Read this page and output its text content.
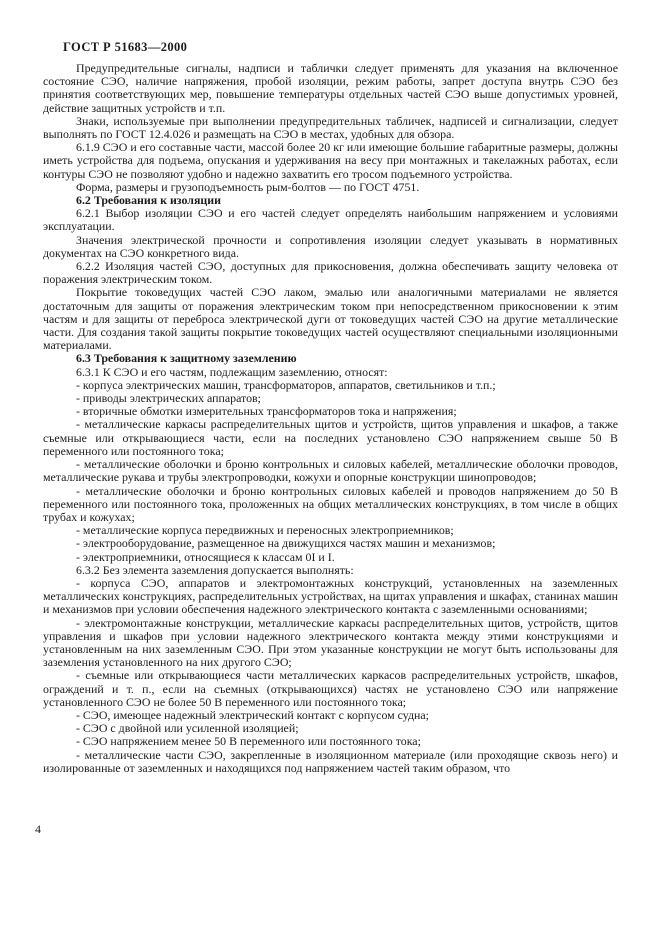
ГОСТ Р 51683—2000

Предупредительные сигналы, надписи и таблички следует применять для указания на включенное состояние СЭО, наличие напряжения, пробой изоляции, режим работы, запрет доступа внутрь СЭО без принятия соответствующих мер, повышение температуры отдельных частей СЭО выше допустимых уровней, действие защитных устройств и т.п.

Знаки, используемые при выполнении предупредительных табличек, надписей и сигнализации, следует выполнять по ГОСТ 12.4.026 и размещать на СЭО в местах, удобных для обзора.

6.1.9 СЭО и его составные части, массой более 20 кг или имеющие большие габаритные размеры, должны иметь устройства для подъема, опускания и удерживания на весу при монтажных и такелажных работах, если контуры СЭО не позволяют удобно и надежно захватить его тросом подъемного устройства.

Форма, размеры и грузоподъемность рым-болтов — по ГОСТ 4751.

6.2 Требования к изоляции

6.2.1 Выбор изоляции СЭО и его частей следует определять наибольшим напряжением и условиями эксплуатации.

Значения электрической прочности и сопротивления изоляции следует указывать в нормативных документах на СЭО конкретного вида.

6.2.2 Изоляция частей СЭО, доступных для прикосновения, должна обеспечивать защиту человека от поражения электрическим током.

Покрытие токоведущих частей СЭО лаком, эмалью или аналогичными материалами не является достаточным для защиты от поражения электрическим током при непосредственном прикосновении к этим частям и для защиты от переброса электрической дуги от токоведущих частей СЭО на другие металлические части. Для создания такой защиты покрытие токоведущих частей осуществляют специальными изоляционными материалами.

6.3 Требования к защитному заземлению

6.3.1 К СЭО и его частям, подлежащим заземлению, относят:

- корпуса электрических машин, трансформаторов, аппаратов, светильников и т.п.;

- приводы электрических аппаратов;

- вторичные обмотки измерительных трансформаторов тока и напряжения;

- металлические каркасы распределительных щитов и устройств, щитов управления и шкафов, а также съемные или открывающиеся части, если на последних установлено СЭО напряжением свыше 50 В переменного или постоянного тока;

- металлические оболочки и броню контрольных и силовых кабелей, металлические оболочки проводов, металлические рукава и трубы электропроводки, кожухи и опорные конструкции шинопроводов;

- металлические оболочки и броню контрольных силовых кабелей и проводов напряжением до 50 В переменного или постоянного тока, проложенных на общих металлических конструкциях, в том числе в общих трубах и кожухах;

- металлические корпуса передвижных и переносных электроприемников;

- электрооборудование, размещенное на движущихся частях машин и механизмов;

- электроприемники, относящиеся к классам 0I и I.

6.3.2 Без элемента заземления допускается выполнять:

- корпуса СЭО, аппаратов и электромонтажных конструкций, установленных на заземленных металлических конструкциях, распределительных устройствах, на щитах управления и шкафах, станинах машин и механизмов при условии обеспечения надежного электрического контакта с заземленными основаниями;

- электромонтажные конструкции, металлические каркасы распределительных щитов, устройств, щитов управления и шкафов при условии надежного электрического контакта между этими конструкциями и установленным на них заземленным СЭО. При этом указанные конструкции не могут быть использованы для заземления установленного на них другого СЭО;

- съемные или открывающиеся части металлических каркасов распределительных устройств, шкафов, ограждений и т. п., если на съемных (открывающихся) частях не установлено СЭО или напряжение установленного СЭО не более 50 В переменного или постоянного тока;

- СЭО, имеющее надежный электрический контакт с корпусом судна;

- СЭО с двойной или усиленной изоляцией;

- СЭО напряжением менее 50 В переменного или постоянного тока;

- металлические части СЭО, закрепленные в изоляционном материале (или проходящие сквозь него) и изолированные от заземленных и находящихся под напряжением частей таким образом, что

4
